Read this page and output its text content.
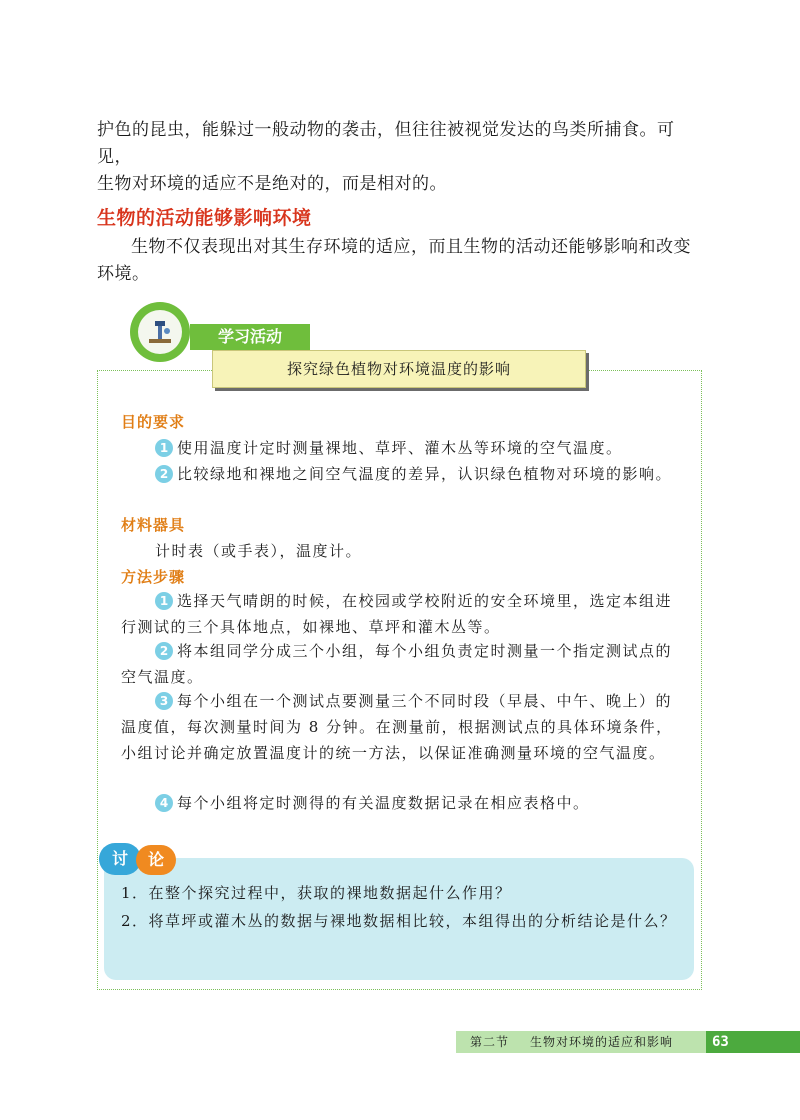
护色的昆虫，能躲过一般动物的袭击，但往往被视觉发达的鸟类所捕食。可见，
生物对环境的适应不是绝对的，而是相对的。
生物的活动能够影响环境
生物不仅表现出对其生存环境的适应，而且生物的活动还能够影响和改变环境。
学习活动
探究绿色植物对环境温度的影响
目的要求
1 使用温度计定时测量裸地、草坪、灌木丛等环境的空气温度。
2 比较绿地和裸地之间空气温度的差异，认识绿色植物对环境的影响。
材料器具
计时表（或手表），温度计。
方法步骤
1 选择天气晴朗的时候，在校园或学校附近的安全环境里，选定本组进行测试的三个具体地点，如裸地、草坪和灌木丛等。
2 将本组同学分成三个小组，每个小组负责定时测量一个指定测试点的空气温度。
3 每个小组在一个测试点要测量三个不同时段（早晨、中午、晚上）的温度值，每次测量时间为 8 分钟。在测量前，根据测试点的具体环境条件，小组讨论并确定放置温度计的统一方法，以保证准确测量环境的空气温度。
4 每个小组将定时测得的有关温度数据记录在相应表格中。
讨	论
1．在整个探究过程中，获取的裸地数据起什么作用？
2．将草坪或灌木丛的数据与裸地数据相比较，本组得出的分析结论是什么？
第二节 生物对环境的适应和影响	63
